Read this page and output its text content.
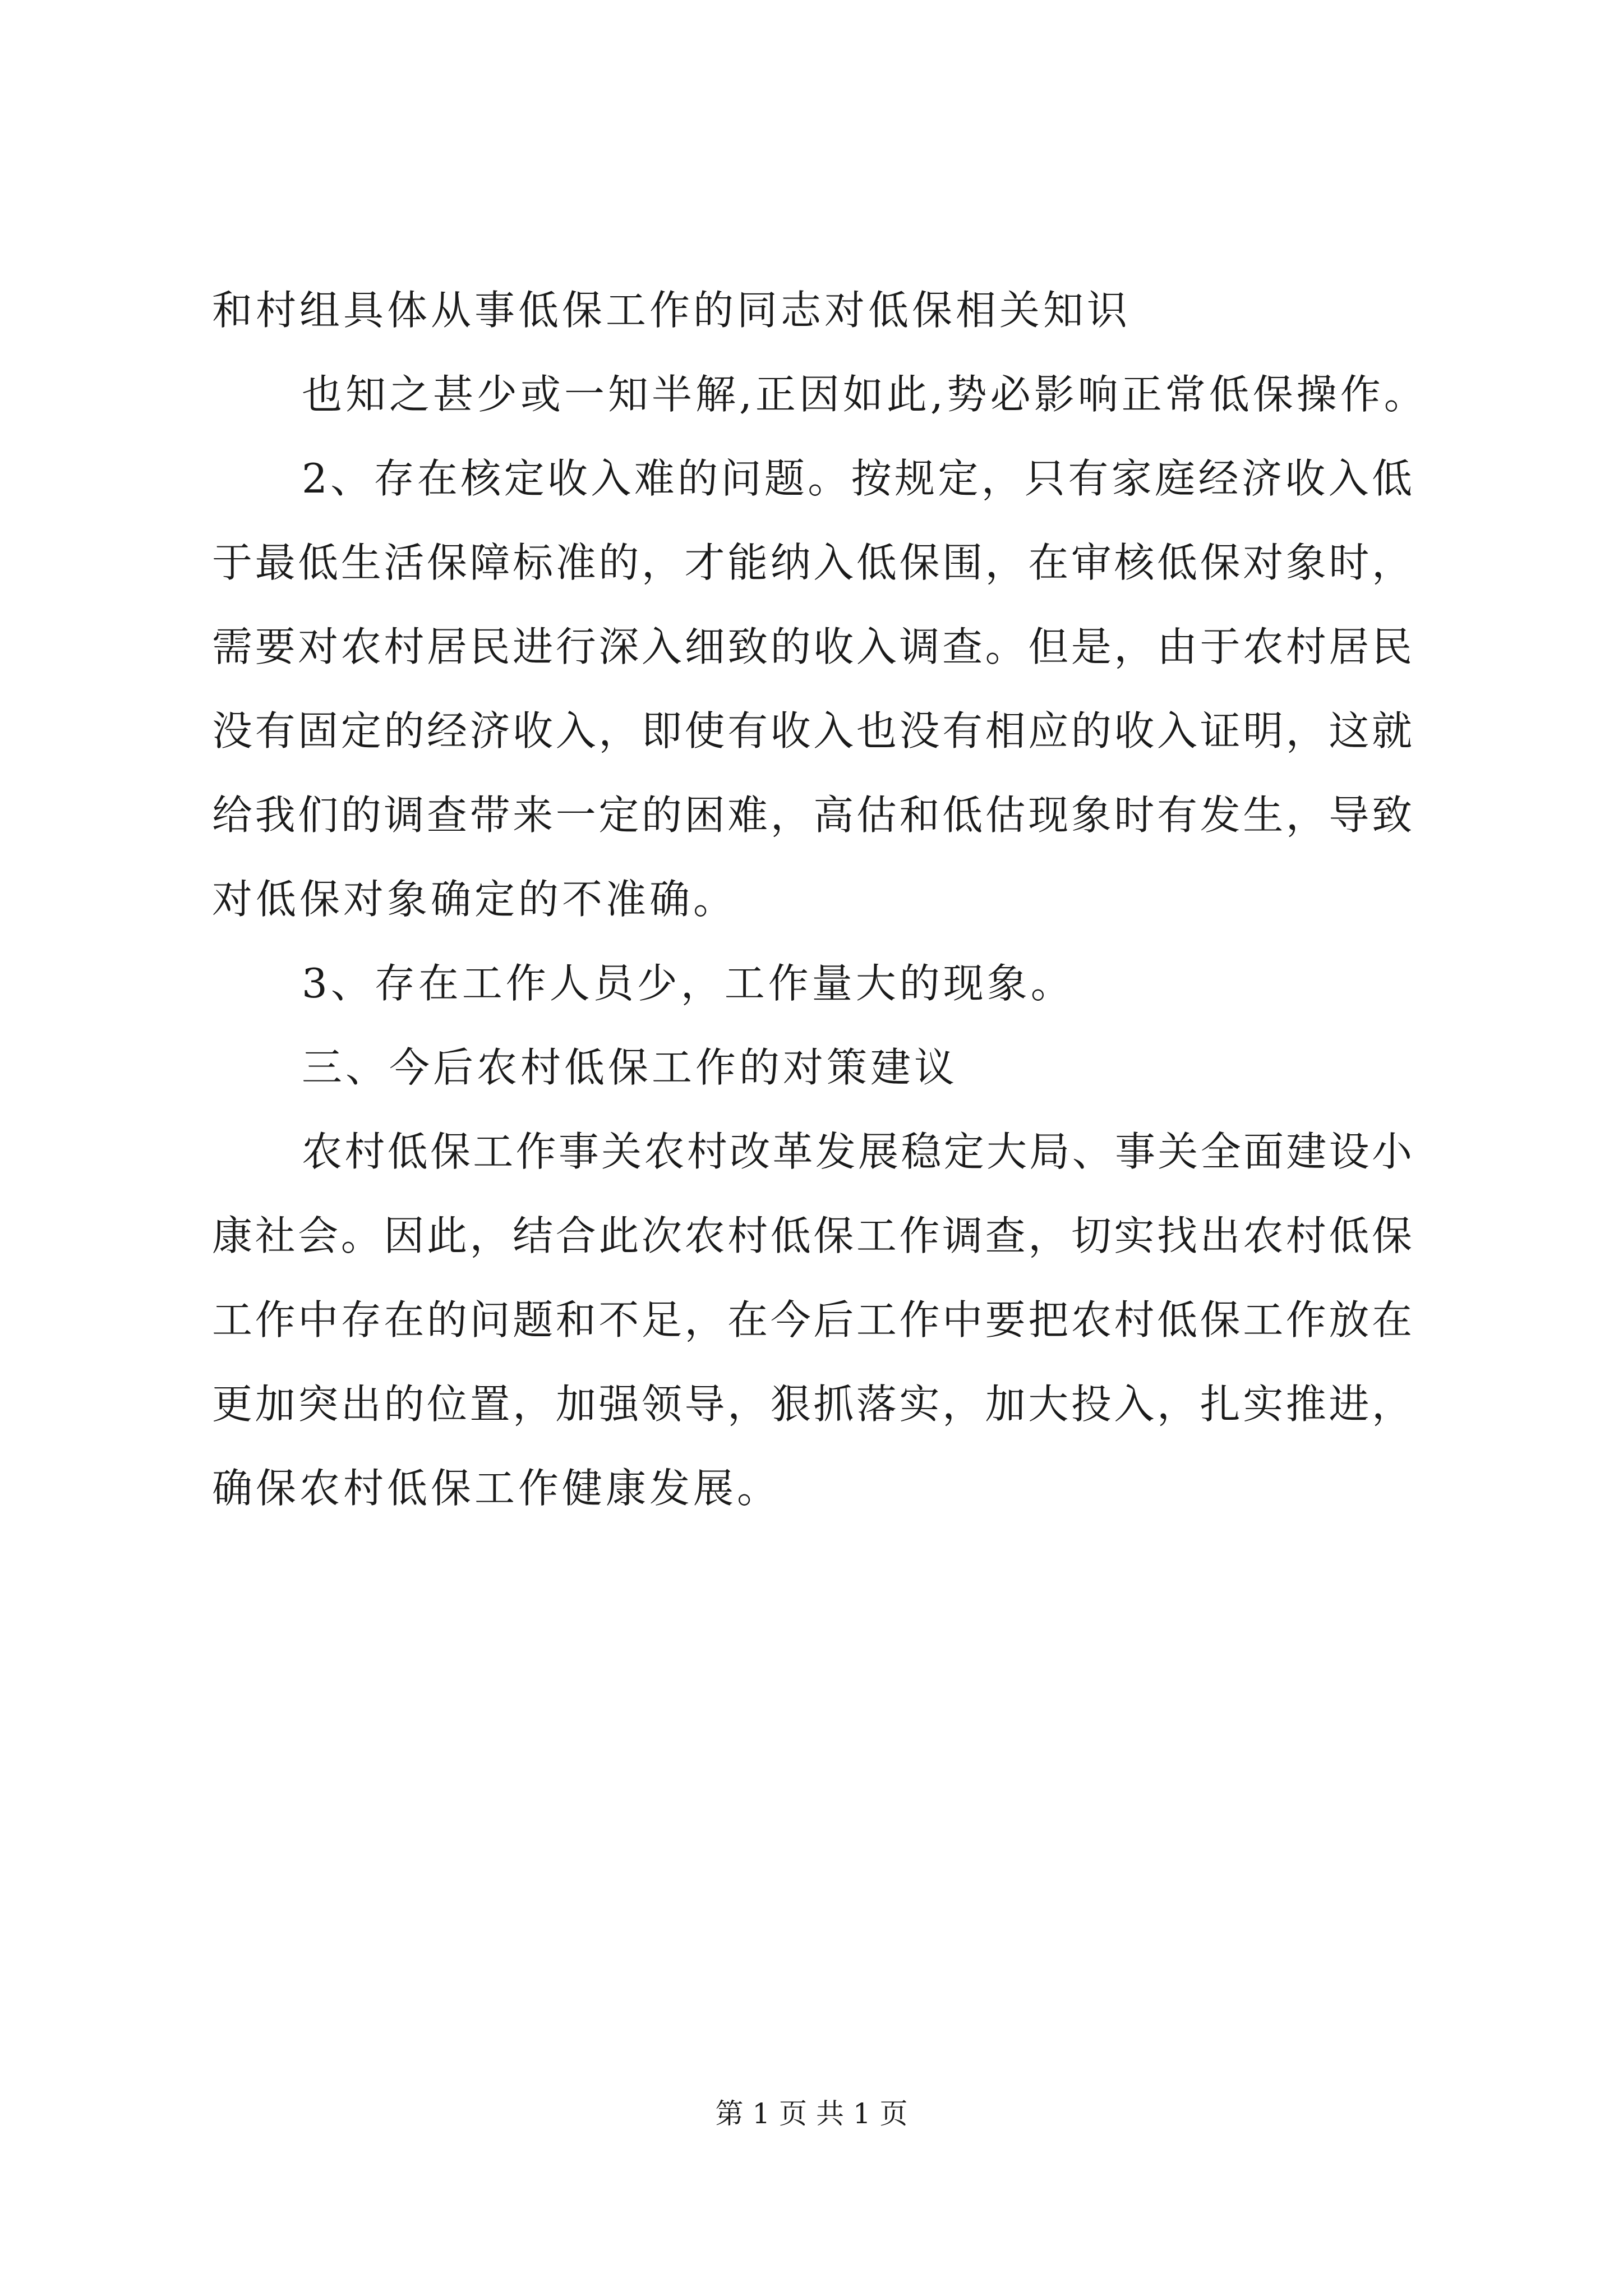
和村组具体从事低保工作的同志对低保相关知识
也知之甚少或一知半解,正因如此,势必影响正常低保操作。
2、存在核定收入难的问题。按规定，只有家庭经济收入低
于最低生活保障标准的，才能纳入低保围，在审核低保对象时，
需要对农村居民进行深入细致的收入调查。但是，由于农村居民
没有固定的经济收入，即使有收入也没有相应的收入证明，这就
给我们的调查带来一定的困难，高估和低估现象时有发生，导致
对低保对象确定的不准确。
3、存在工作人员少，工作量大的现象。
三、今后农村低保工作的对策建议
农村低保工作事关农村改革发展稳定大局、事关全面建设小
康社会。因此，结合此次农村低保工作调查，切实找出农村低保
工作中存在的问题和不足，在今后工作中要把农村低保工作放在
更加突出的位置，加强领导，狠抓落实，加大投入，扎实推进，
确保农村低保工作健康发展。
第 1 页 共 1 页
